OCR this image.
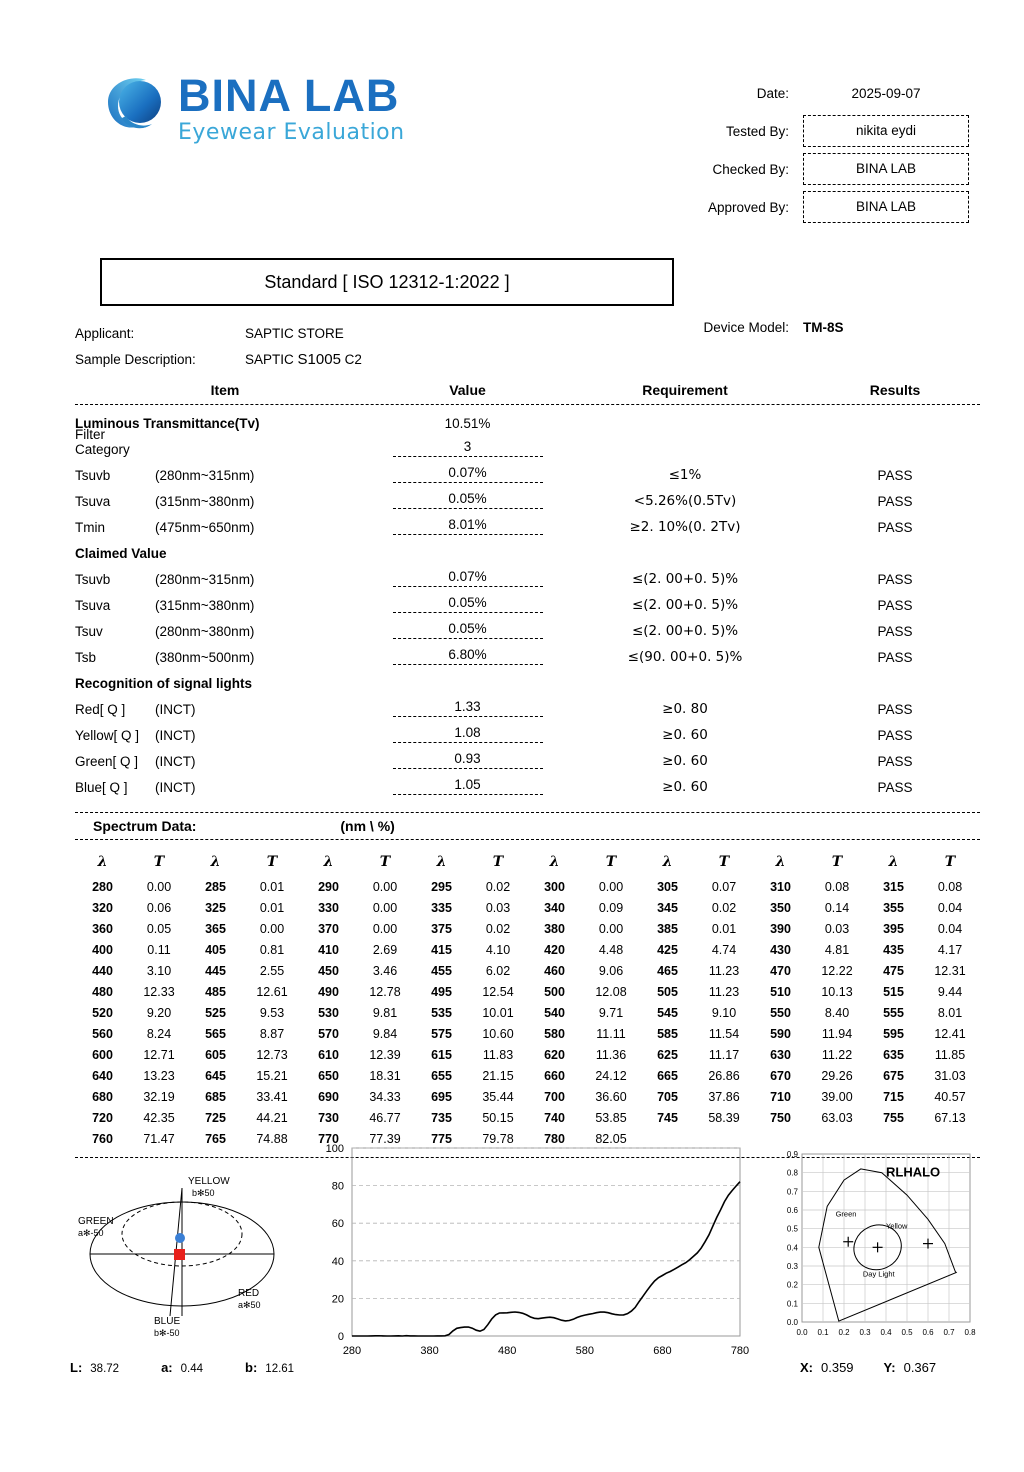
BINA LAB
Eyewear Evaluation
Date:	2025-09-07
Tested By:	nikita eydi
Checked By:	BINA LAB
Approved By:	BINA LAB
Standard [ ISO 12312-1:2022 ]
Applicant:	SAPTIC STORE
Sample Description:	SAPTIC S1005 C2
Device Model:	TM-8S
Item	Value	Requirement	Results
Luminous Transmittance(Tv)	10.51%
Filter Category	3
Tsuvb	(280nm~315nm)	0.07%	≤1%	PASS
Tsuva	(315nm~380nm)	0.05%	<5.26%(0.5Tv)	PASS
Tmin	(475nm~650nm)	8.01%	≥2. 10%(0. 2Tv)	PASS
Claimed Value
Tsuvb	(280nm~315nm)	0.07%	≤(2. 00+0. 5)%	PASS
Tsuva	(315nm~380nm)	0.05%	≤(2. 00+0. 5)%	PASS
Tsuv	(280nm~380nm)	0.05%	≤(2. 00+0. 5)%	PASS
Tsb	(380nm~500nm)	6.80%	≤(90. 00+0. 5)%	PASS
Recognition of signal lights
Red[ Q ]	(INCT)	1.33	≥0. 80	PASS
Yellow[ Q ]	(INCT)	1.08	≥0. 60	PASS
Green[ Q ]	(INCT)	0.93	≥0. 60	PASS
Blue[ Q ]	(INCT)	1.05	≥0. 60	PASS
Spectrum Data:	(nm \ %)
λ	T	λ	T	λ	T	λ	T	λ	T	λ	T	λ	T	λ	T
280	0.00	285	0.01	290	0.00	295	0.02	300	0.00	305	0.07	310	0.08	315	0.08
320	0.06	325	0.01	330	0.00	335	0.03	340	0.09	345	0.02	350	0.14	355	0.04
360	0.05	365	0.00	370	0.00	375	0.02	380	0.00	385	0.01	390	0.03	395	0.04
400	0.11	405	0.81	410	2.69	415	4.10	420	4.48	425	4.74	430	4.81	435	4.17
440	3.10	445	2.55	450	3.46	455	6.02	460	9.06	465	11.23	470	12.22	475	12.31
480	12.33	485	12.61	490	12.78	495	12.54	500	12.08	505	11.23	510	10.13	515	9.44
520	9.20	525	9.53	530	9.81	535	10.01	540	9.71	545	9.10	550	8.40	555	8.01
560	8.24	565	8.87	570	9.84	575	10.60	580	11.11	585	11.54	590	11.94	595	12.41
600	12.71	605	12.73	610	12.39	615	11.83	620	11.36	625	11.17	630	11.22	635	11.85
640	13.23	645	15.21	650	18.31	655	21.15	660	24.12	665	26.86	670	29.26	675	31.03
680	32.19	685	33.41	690	34.33	695	35.44	700	36.60	705	37.86	710	39.00	715	40.57
720	42.35	725	44.21	730	46.77	735	50.15	740	53.85	745	58.39	750	63.03	755	67.13
760	71.47	765	74.88	770	77.39	775	79.78	780	82.05
YELLOW
b✻50
GREEN
a✻-50
RED
a✻50
BLUE
b✻-50	0
20
40
60
80
100
280	380	480	580	680	780
RLHALO
Green
Yellow
Day Light
0.0 0.1 0.2 0.3 0.4 0.5 0.6 0.7 0.8
0.0
0.1
0.2
0.3
0.4
0.5
0.6
0.7
0.8
0.9
L: 38.72	a: 0.44	b: 12.61	X: 0.359 Y: 0.367
